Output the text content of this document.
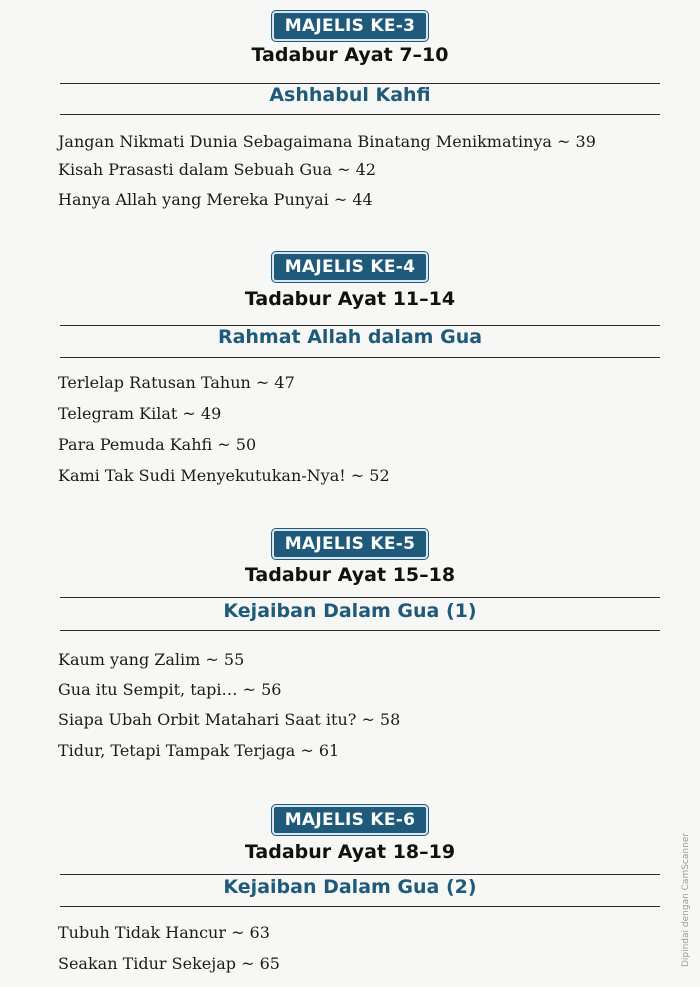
MAJELIS KE-3
Tadabur Ayat 7–10
Ashhabul Kahfi
Jangan Nikmati Dunia Sebagaimana Binatang Menikmatinya ~ 39
Kisah Prasasti dalam Sebuah Gua ~ 42
Hanya Allah yang Mereka Punyai ~ 44
MAJELIS KE-4
Tadabur Ayat 11–14
Rahmat Allah dalam Gua
Terlelap Ratusan Tahun ~ 47
Telegram Kilat ~ 49
Para Pemuda Kahfi ~ 50
Kami Tak Sudi Menyekutukan-Nya! ~ 52
MAJELIS KE-5
Tadabur Ayat 15–18
Kejaiban Dalam Gua (1)
Kaum yang Zalim ~ 55
Gua itu Sempit, tapi… ~ 56
Siapa Ubah Orbit Matahari Saat itu? ~ 58
Tidur, Tetapi Tampak Terjaga ~ 61
MAJELIS KE-6
Tadabur Ayat 18–19
Kejaiban Dalam Gua (2)
Tubuh Tidak Hancur ~ 63
Seakan Tidur Sekejap ~ 65	Dipindai dengan CamScanner
